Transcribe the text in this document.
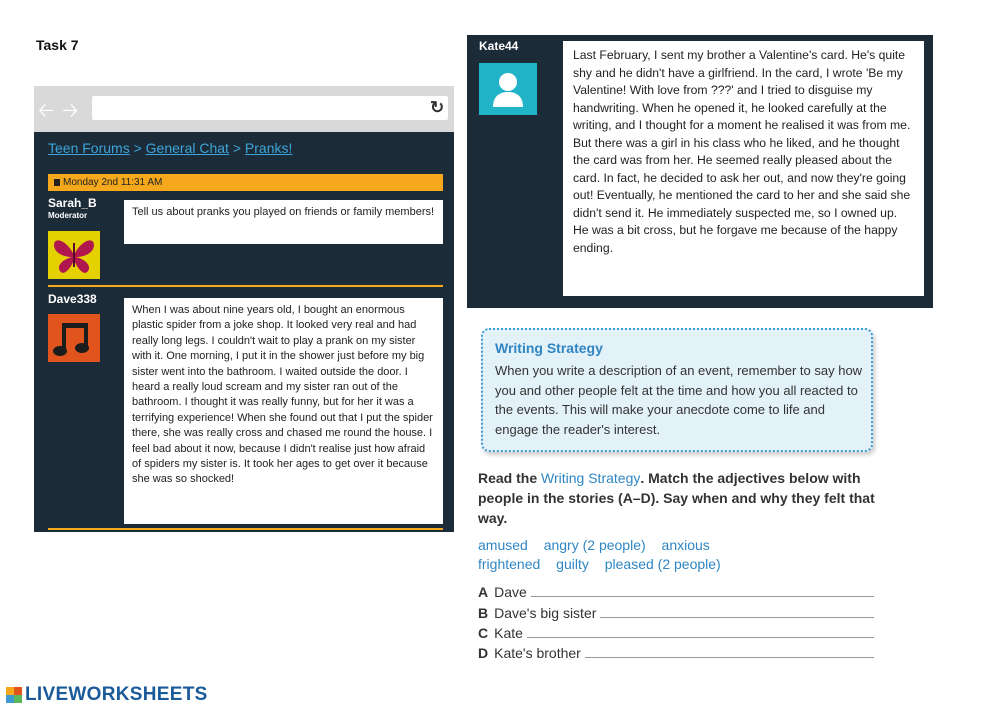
Task 7
🡠 🡢	↻
Teen Forums > General Chat > Pranks!
Monday 2nd 11:31 AM
Sarah_B
Moderator	Tell us about pranks you played on friends or family members!
Dave338
When I was about nine years old, I bought an enormous plastic spider from a joke shop. It looked very real and had really long legs. I couldn't wait to play a prank on my sister with it. One morning, I put it in the shower just before my big sister went into the bathroom. I waited outside the door. I heard a really loud scream and my sister ran out of the bathroom. I thought it was really funny, but for her it was a terrifying experience! When she found out that I put the spider there, she was really cross and chased me round the house. I feel bad about it now, because I didn't realise just how afraid of spiders my sister is. It took her ages to get over it because she was so shocked!
Kate44
Last February, I sent my brother a Valentine's card. He's quite shy and he didn't have a girlfriend. In the card, I wrote 'Be my Valentine! With love from ???' and I tried to disguise my handwriting. When he opened it, he looked carefully at the writing, and I thought for a moment he realised it was from me. But there was a girl in his class who he liked, and he thought the card was from her. He seemed really pleased about the card. In fact, he decided to ask her out, and now they're going out! Eventually, he mentioned the card to her and she said she didn't send it. He immediately suspected me, so I owned up. He was a bit cross, but he forgave me because of the happy ending.
Writing Strategy
When you write a description of an event, remember to say how you and other people felt at the time and how you all reacted to the events. This will make your anecdote come to life and engage the reader's interest.
Read the Writing Strategy. Match the adjectives below with people in the stories (A–D). Say when and why they felt that way.
amused angry (2 people) anxious
frightened guilty pleased (2 people)
A Dave
B Dave's big sister
C Kate
D Kate's brother
LIVEWORKSHEETS
